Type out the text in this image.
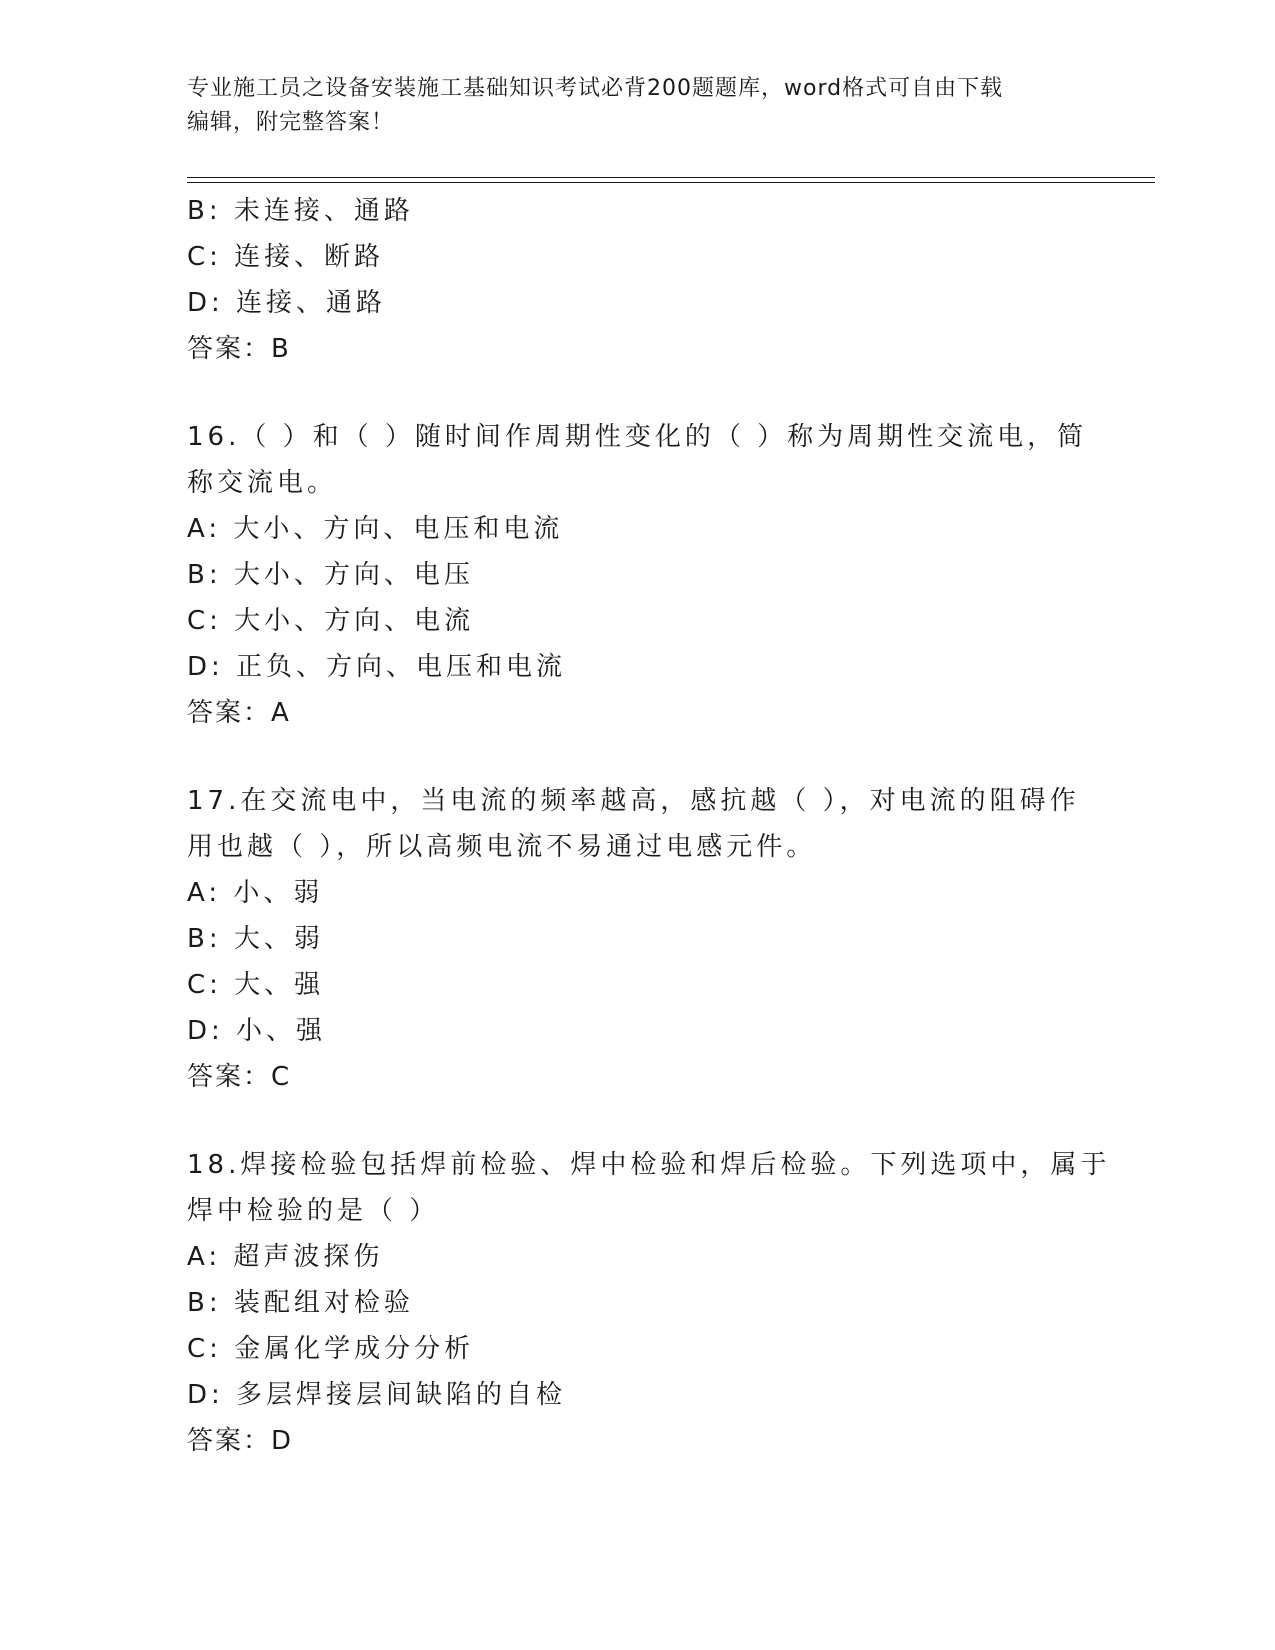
专业施工员之设备安装施工基础知识考试必背200题题库，word格式可自由下载
编辑，附完整答案！
B: 未连接、通路
C: 连接、断路
D: 连接、通路
答案：B
16.（ ）和（ ）随时间作周期性变化的（ ）称为周期性交流电，简
称交流电。
A: 大小、方向、电压和电流
B: 大小、方向、电压
C: 大小、方向、电流
D: 正负、方向、电压和电流
答案：A
17.在交流电中，当电流的频率越高，感抗越（ ），对电流的阻碍作
用也越（ ），所以高频电流不易通过电感元件。
A: 小、弱
B: 大、弱
C: 大、强
D: 小、强
答案：C
18.焊接检验包括焊前检验、焊中检验和焊后检验。下列选项中，属于
焊中检验的是（ ）
A: 超声波探伤
B: 装配组对检验
C: 金属化学成分分析
D: 多层焊接层间缺陷的自检
答案：D
